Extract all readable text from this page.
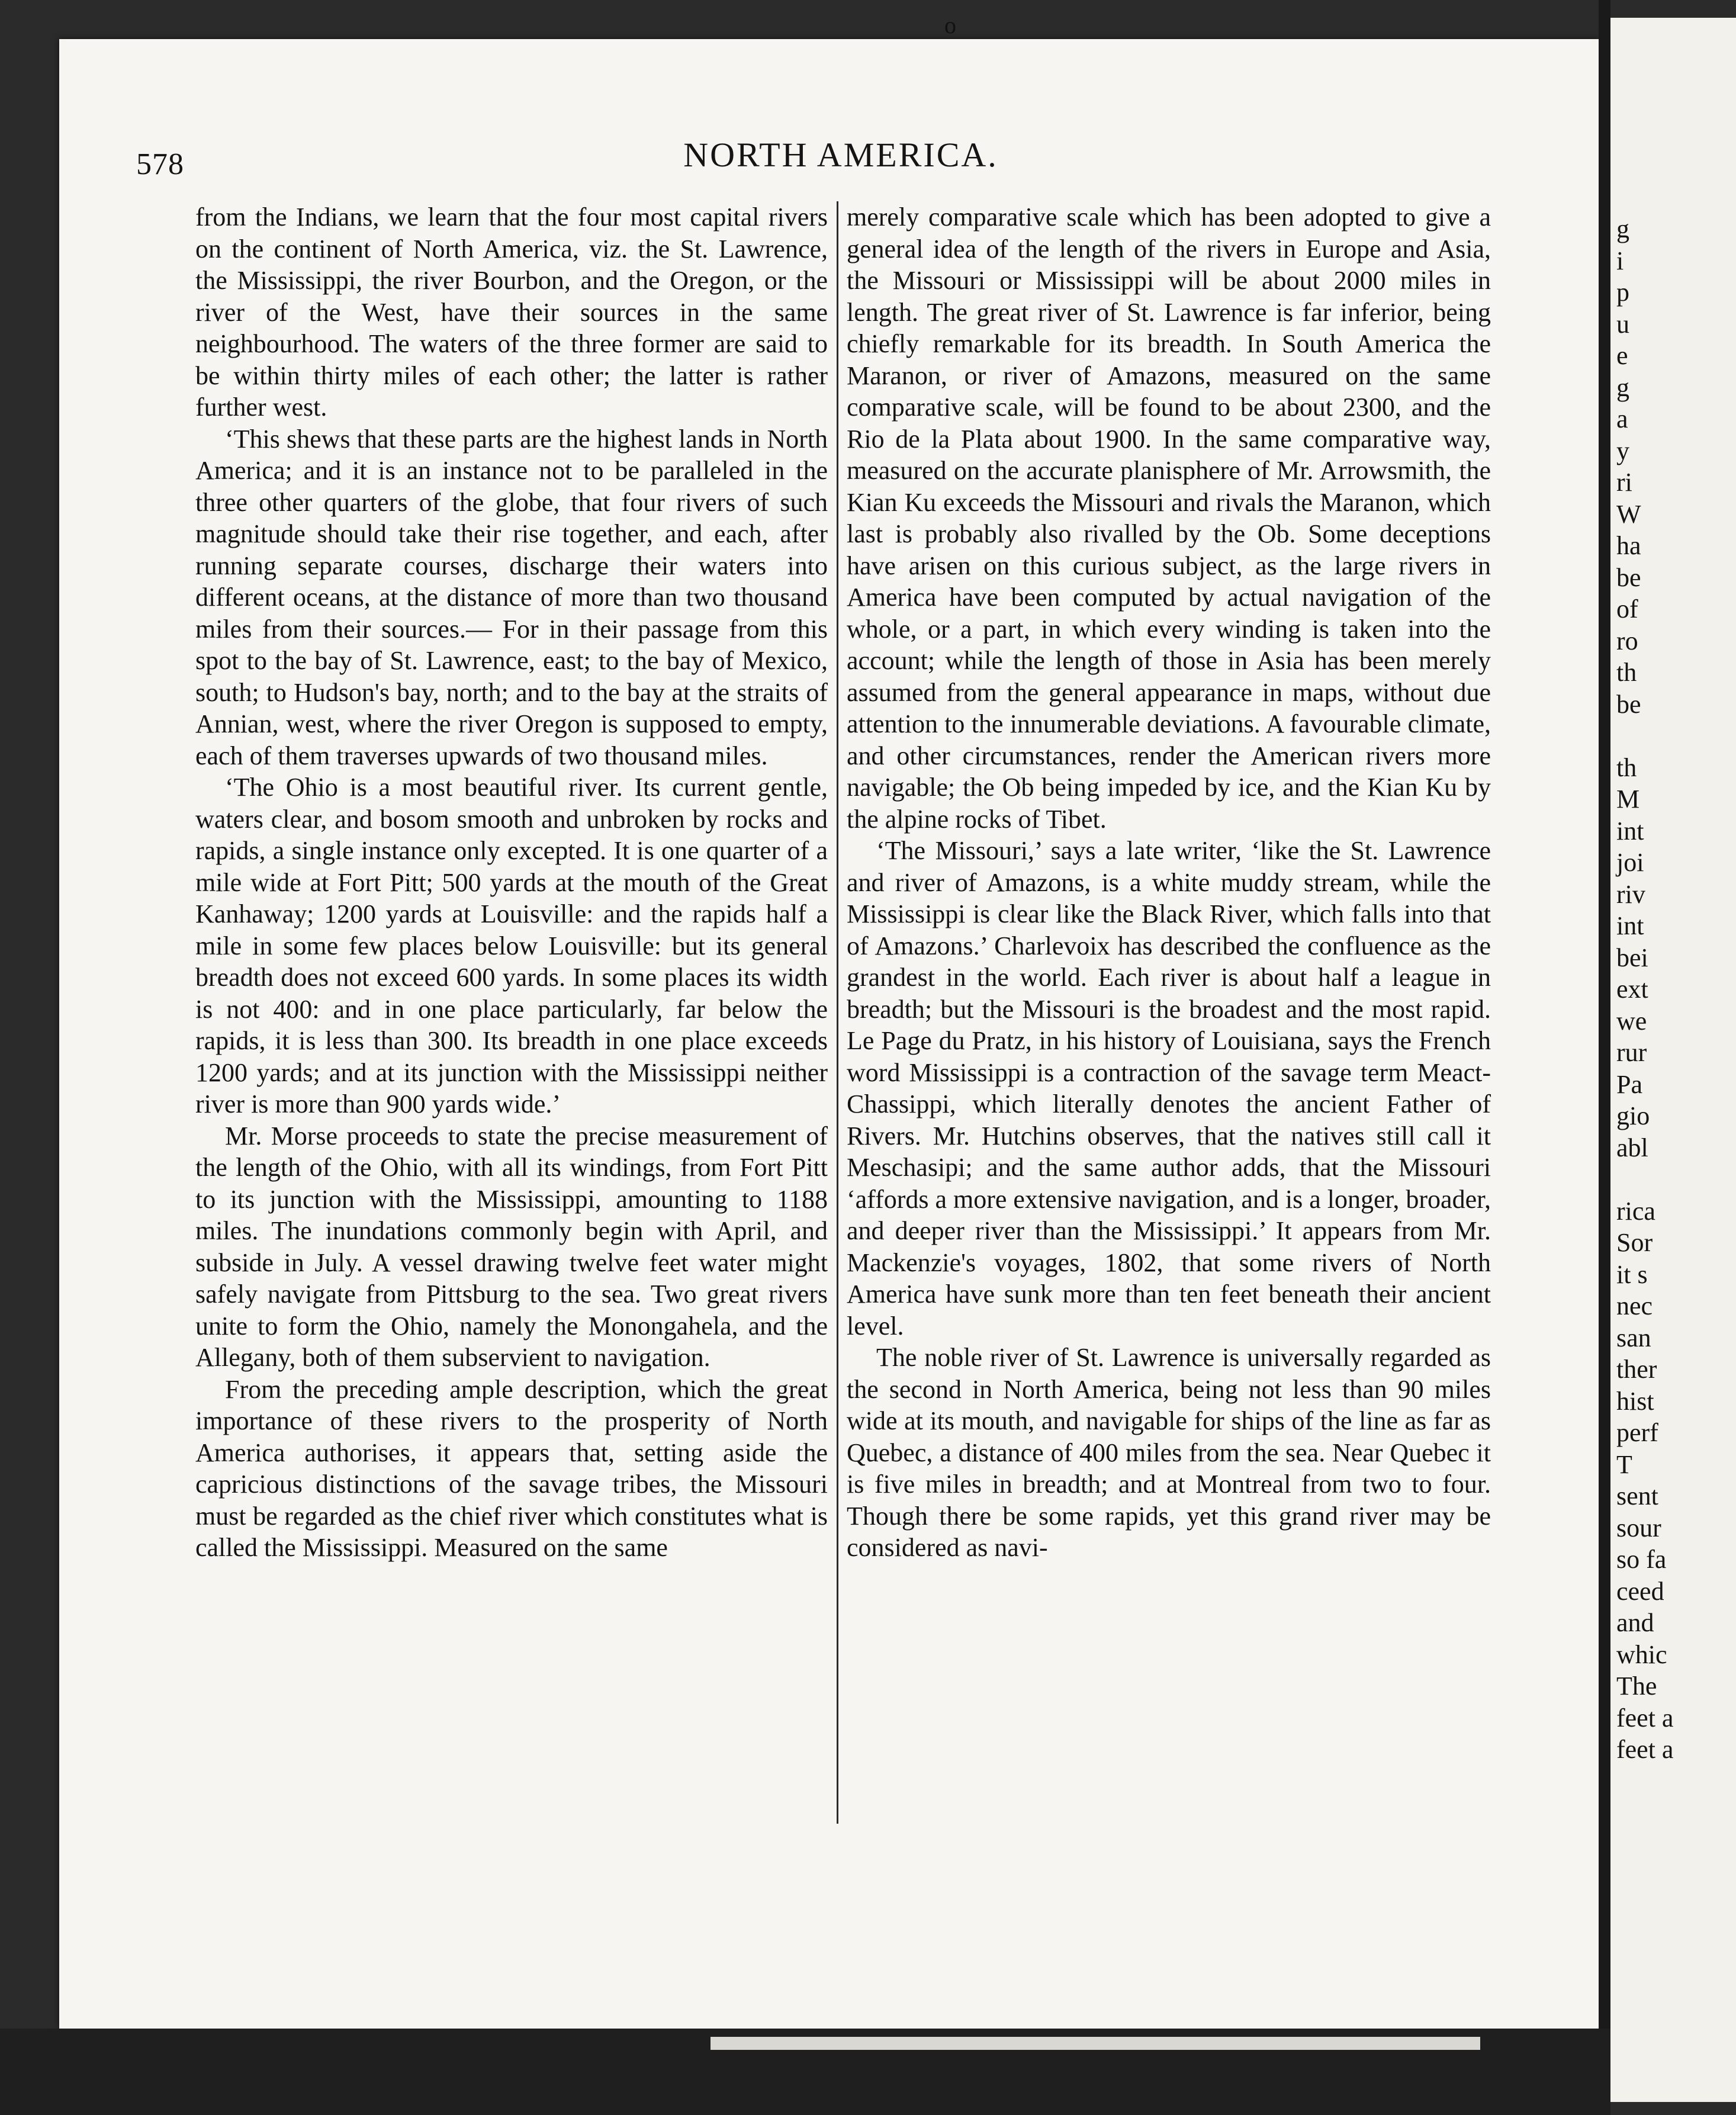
g
i
p
u
e
g
a
y
ri
W
ha
be
of
ro
th
be
th
M
int
joi
riv
int
bei
ext
we
rur
Pa
gio
abl
rica
Sor
it s
nec
san
ther
hist
perf
T
sent
sour
so fa
ceed
and
whic
The
feet a
feet a
o
578	NORTH AMERICA.

from the Indians, we learn that the four most capital rivers on the continent of North America, viz. the St. Lawrence, the Mississippi, the river Bourbon, and the Oregon, or the river of the West, have their sources in the same neighbourhood. The waters of the three former are said to be within thirty miles of each other; the latter is rather further west.

‘This shews that these parts are the highest lands in North America; and it is an instance not to be paralleled in the three other quarters of the globe, that four rivers of such magnitude should take their rise together, and each, after running separate courses, discharge their waters into different oceans, at the distance of more than two thousand miles from their sources.— For in their passage from this spot to the bay of St. Lawrence, east; to the bay of Mexico, south; to Hudson's bay, north; and to the bay at the straits of Annian, west, where the river Oregon is supposed to empty, each of them traverses upwards of two thousand miles.

‘The Ohio is a most beautiful river. Its current gentle, waters clear, and bosom smooth and unbroken by rocks and rapids, a single instance only excepted. It is one quarter of a mile wide at Fort Pitt; 500 yards at the mouth of the Great Kanhaway; 1200 yards at Louisville: and the rapids half a mile in some few places below Louisville: but its general breadth does not exceed 600 yards. In some places its width is not 400: and in one place particularly, far below the rapids, it is less than 300. Its breadth in one place exceeds 1200 yards; and at its junction with the Mississippi neither river is more than 900 yards wide.’

Mr. Morse proceeds to state the precise measurement of the length of the Ohio, with all its windings, from Fort Pitt to its junction with the Mississippi, amounting to 1188 miles. The inundations commonly begin with April, and subside in July. A vessel drawing twelve feet water might safely navigate from Pittsburg to the sea. Two great rivers unite to form the Ohio, namely the Monongahela, and the Allegany, both of them subservient to navigation.

From the preceding ample description, which the great importance of these rivers to the prosperity of North America authorises, it appears that, setting aside the capricious distinctions of the savage tribes, the Missouri must be regarded as the chief river which constitutes what is called the Mississippi. Measured on the same

merely comparative scale which has been adopted to give a general idea of the length of the rivers in Europe and Asia, the Missouri or Mississippi will be about 2000 miles in length. The great river of St. Lawrence is far inferior, being chiefly remarkable for its breadth. In South America the Maranon, or river of Amazons, measured on the same comparative scale, will be found to be about 2300, and the Rio de la Plata about 1900. In the same comparative way, measured on the accurate planisphere of Mr. Arrowsmith, the Kian Ku exceeds the Missouri and rivals the Maranon, which last is probably also rivalled by the Ob. Some deceptions have arisen on this curious subject, as the large rivers in America have been computed by actual navigation of the whole, or a part, in which every winding is taken into the account; while the length of those in Asia has been merely assumed from the general appearance in maps, without due attention to the innumerable deviations. A favourable climate, and other circumstances, render the American rivers more navigable; the Ob being impeded by ice, and the Kian Ku by the alpine rocks of Tibet.

‘The Missouri,’ says a late writer, ‘like the St. Lawrence and river of Amazons, is a white muddy stream, while the Mississippi is clear like the Black River, which falls into that of Amazons.’ Charlevoix has described the confluence as the grandest in the world. Each river is about half a league in breadth; but the Missouri is the broadest and the most rapid. Le Page du Pratz, in his history of Louisiana, says the French word Mississippi is a contraction of the savage term Meact-Chassippi, which literally denotes the ancient Father of Rivers. Mr. Hutchins observes, that the natives still call it Meschasipi; and the same author adds, that the Missouri ‘affords a more extensive navigation, and is a longer, broader, and deeper river than the Mississippi.’ It appears from Mr. Mackenzie's voyages, 1802, that some rivers of North America have sunk more than ten feet beneath their ancient level.

The noble river of St. Lawrence is universally regarded as the second in North America, being not less than 90 miles wide at its mouth, and navigable for ships of the line as far as Quebec, a distance of 400 miles from the sea. Near Quebec it is five miles in breadth; and at Montreal from two to four. Though there be some rapids, yet this grand river may be considered as navi-
